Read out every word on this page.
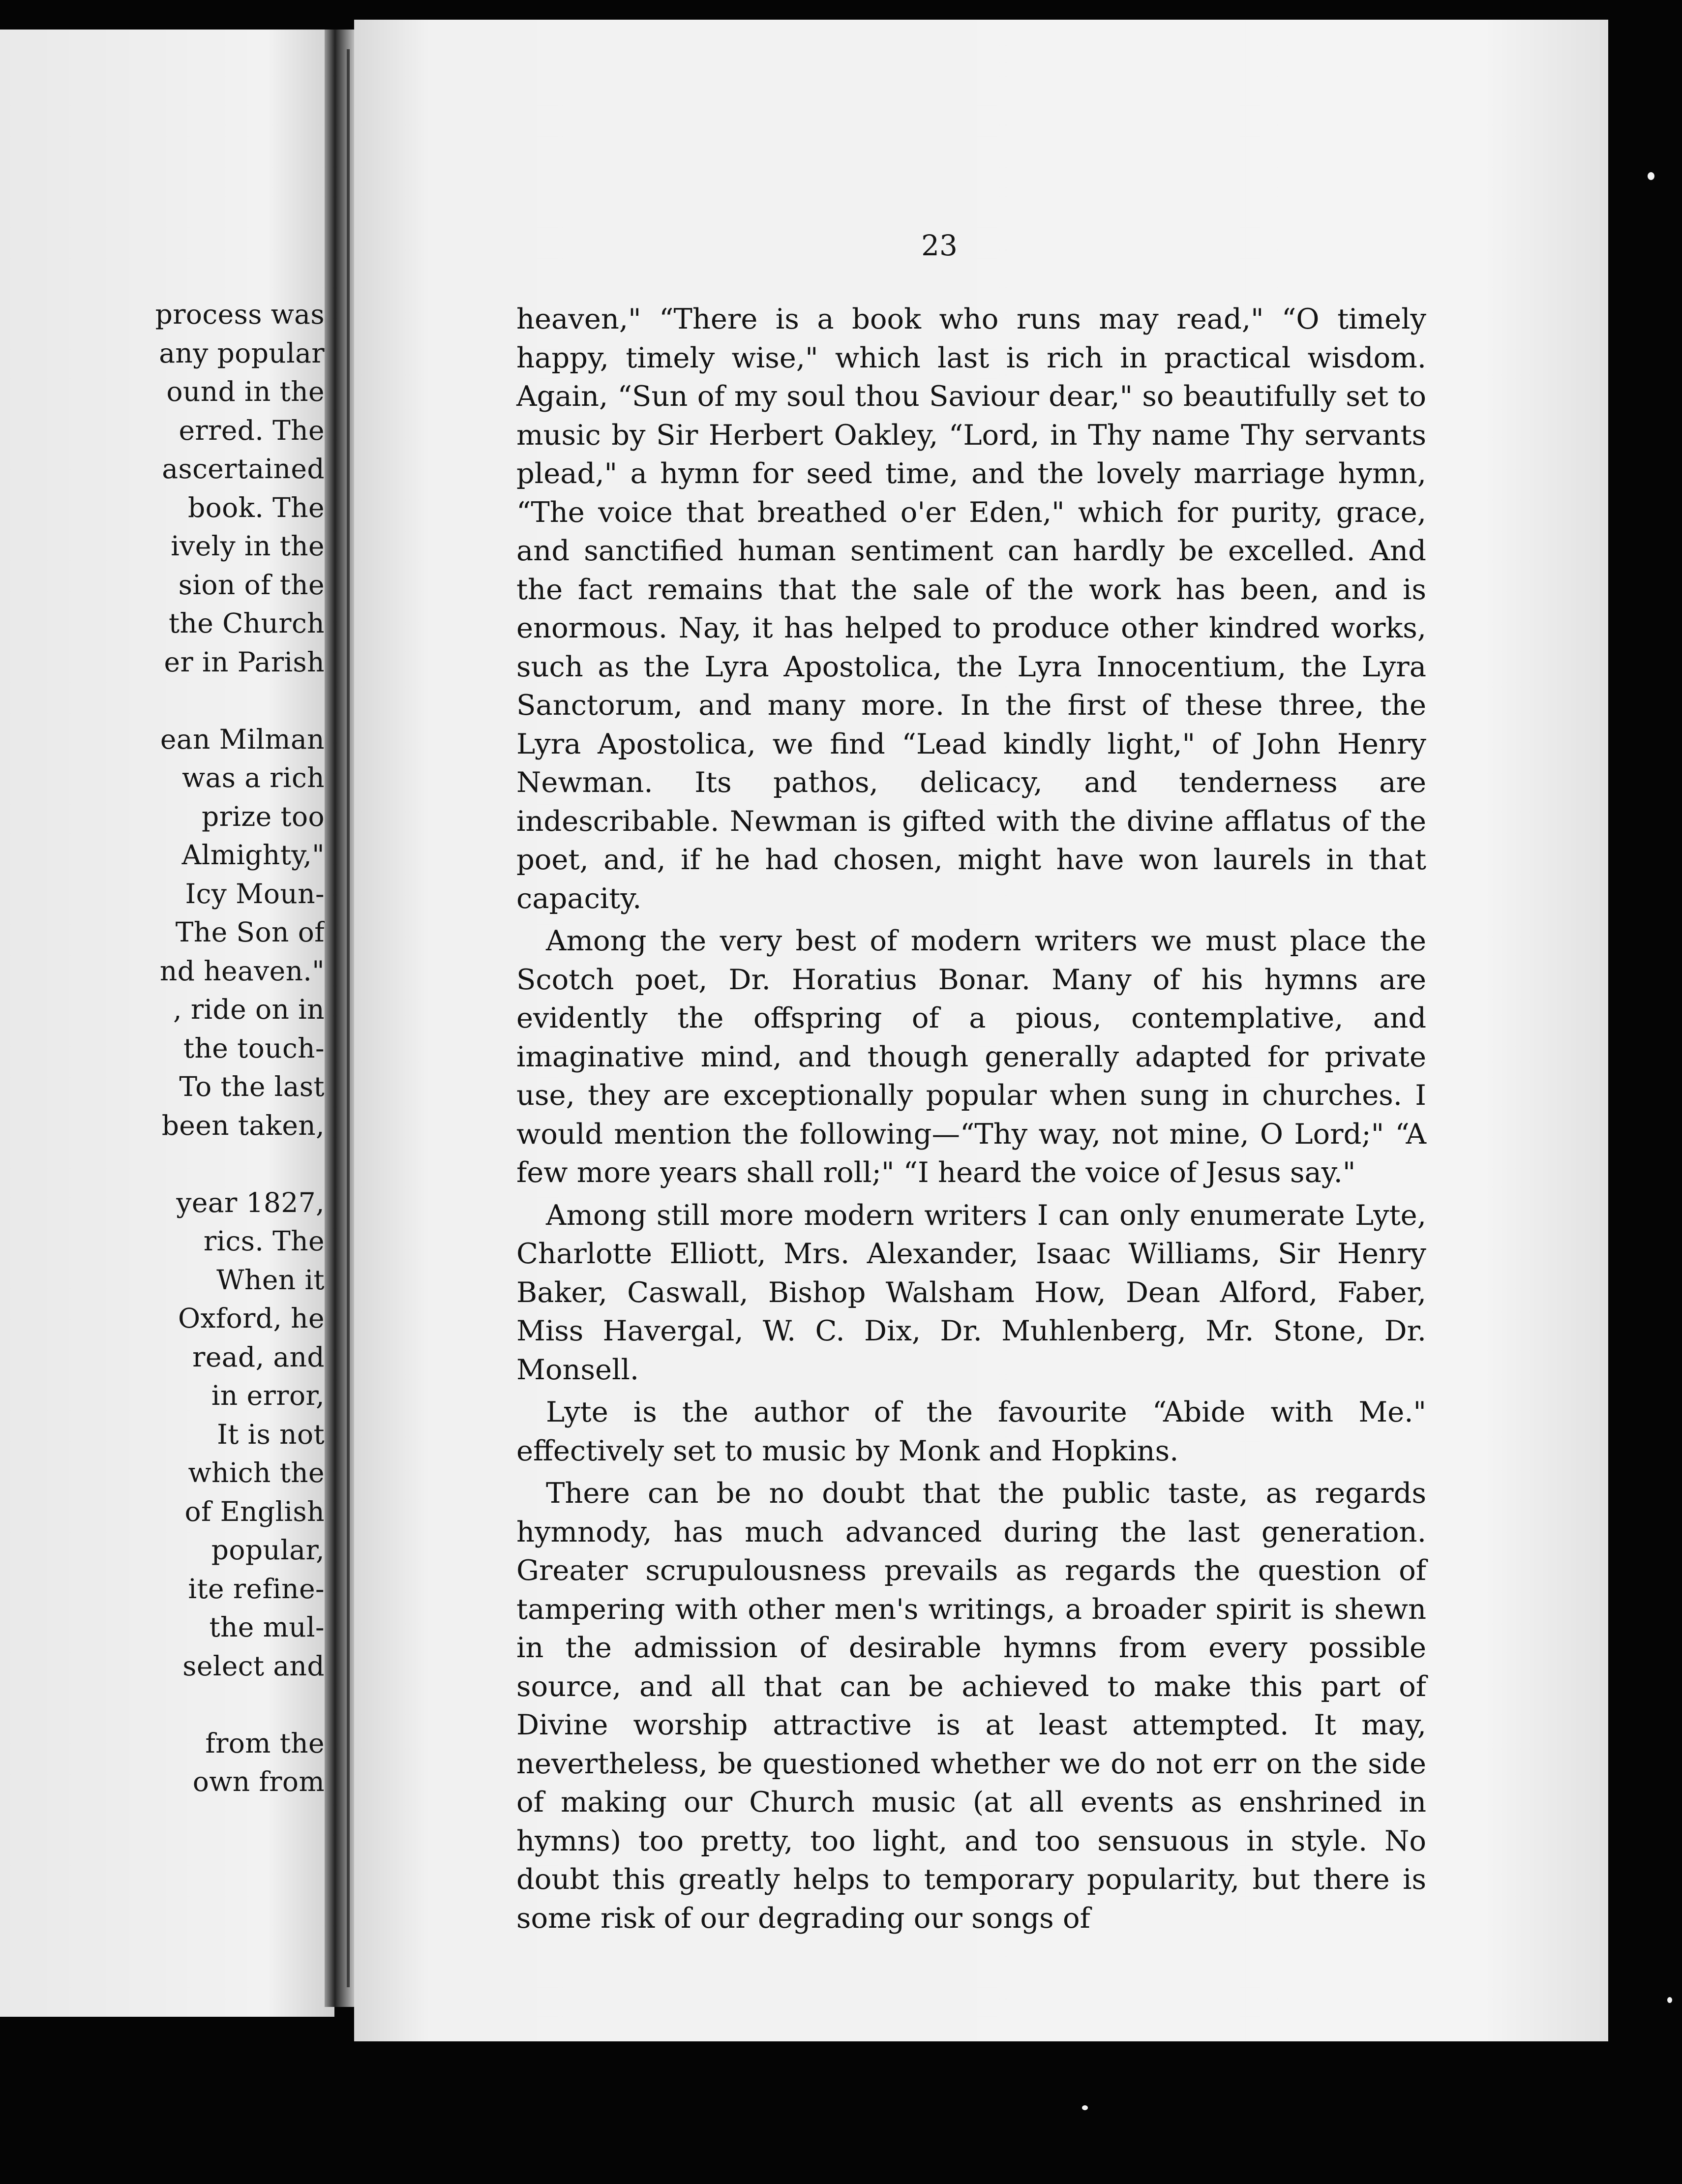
process was
any popular
ound in the
erred. The
ascertained
book. The
ively in the
sion of the
the Church
er in Parish
ean Milman
was a rich
prize too
Almighty,"
Icy Moun-
The Son of
nd heaven."
, ride on in
the touch-
To the last
been taken,
year 1827,
rics. The
When it
Oxford, he
read, and
in error,
It is not
which the
of English
popular,
ite refine-
the mul-
select and
from the
own from
23

heaven," “There is a book who runs may read," “O timely happy, timely wise," which last is rich in practical wisdom. Again, “Sun of my soul thou Saviour dear," so beautifully set to music by Sir Herbert Oakley, “Lord, in Thy name Thy servants plead," a hymn for seed time, and the lovely marriage hymn, “The voice that breathed o'er Eden," which for purity, grace, and sanctified human sentiment can hardly be excelled. And the fact remains that the sale of the work has been, and is enormous. Nay, it has helped to produce other kindred works, such as the Lyra Apostolica, the Lyra Innocentium, the Lyra Sanctorum, and many more. In the first of these three, the Lyra Apostolica, we find “Lead kindly light," of John Henry Newman. Its pathos, delicacy, and tenderness are indescribable. Newman is gifted with the divine afflatus of the poet, and, if he had chosen, might have won laurels in that capacity.

Among the very best of modern writers we must place the Scotch poet, Dr. Horatius Bonar. Many of his hymns are evidently the offspring of a pious, contemplative, and imaginative mind, and though generally adapted for private use, they are exceptionally popular when sung in churches. I would mention the following—“Thy way, not mine, O Lord;" “A few more years shall roll;" “I heard the voice of Jesus say."

Among still more modern writers I can only enumerate Lyte, Charlotte Elliott, Mrs. Alexander, Isaac Williams, Sir Henry Baker, Caswall, Bishop Walsham How, Dean Alford, Faber, Miss Havergal, W. C. Dix, Dr. Muhlenberg, Mr. Stone, Dr. Monsell.

Lyte is the author of the favourite “Abide with Me." effectively set to music by Monk and Hopkins.

There can be no doubt that the public taste, as regards hymnody, has much advanced during the last generation. Greater scrupulousness prevails as regards the question of tampering with other men's writings, a broader spirit is shewn in the admission of desirable hymns from every possible source, and all that can be achieved to make this part of Divine worship attractive is at least attempted. It may, nevertheless, be questioned whether we do not err on the side of making our Church music (at all events as enshrined in hymns) too pretty, too light, and too sensuous in style. No doubt this greatly helps to temporary popularity, but there is some risk of our degrading our songs of
